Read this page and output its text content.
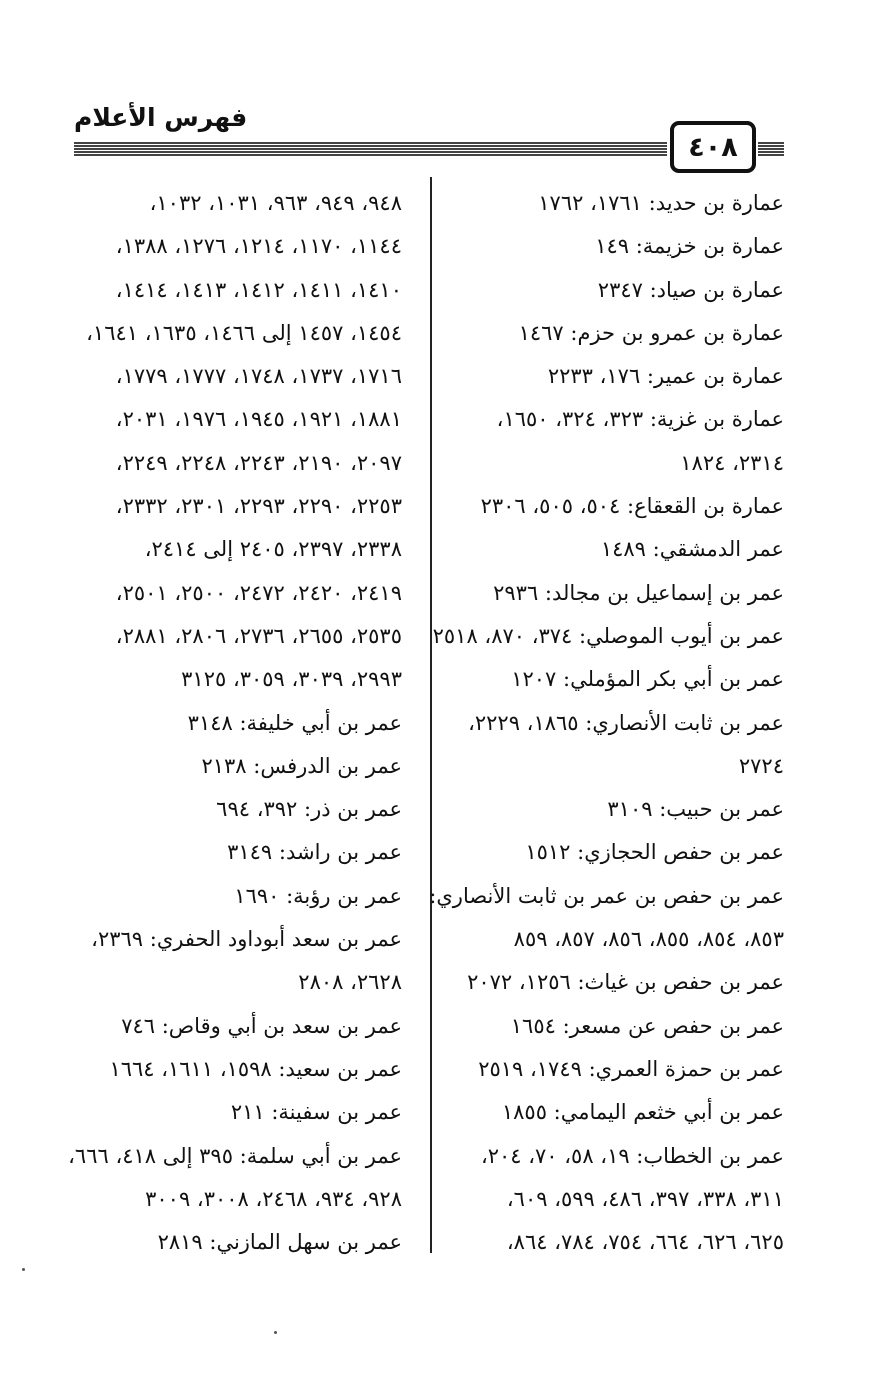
فهرس الأعلام
٤٠٨
عمارة بن حديد: ١٧٦١، ١٧٦٢
عمارة بن خزيمة: ١٤٩
عمارة بن صياد: ٢٣٤٧
عمارة بن عمرو بن حزم: ١٤٦٧
عمارة بن عمير: ١٧٦، ٢٢٣٣
عمارة بن غزية: ٣٢٣، ٣٢٤، ١٦٥٠،
٢٣١٤، ١٨٢٤
عمارة بن القعقاع: ٥٠٤، ٥٠٥، ٢٣٠٦
عمر الدمشقي: ١٤٨٩
عمر بن إسماعيل بن مجالد: ٢٩٣٦
عمر بن أيوب الموصلي: ٣٧٤، ٨٧٠، ٢٥١٨
عمر بن أبي بكر المؤملي: ١٢٠٧
عمر بن ثابت الأنصاري: ١٨٦٥، ٢٢٢٩،
٢٧٢٤
عمر بن حبيب: ٣١٠٩
عمر بن حفص الحجازي: ١٥١٢
عمر بن حفص بن عمر بن ثابت الأنصاري:
٨٥٣، ٨٥٤، ٨٥٥، ٨٥٦، ٨٥٧، ٨٥٩
عمر بن حفص بن غياث: ١٢٥٦، ٢٠٧٢
عمر بن حفص عن مسعر: ١٦٥٤
عمر بن حمزة العمري: ١٧٤٩، ٢٥١٩
عمر بن أبي خثعم اليمامي: ١٨٥٥
عمر بن الخطاب: ١٩، ٥٨، ٧٠، ٢٠٤،
٣١١، ٣٣٨، ٣٩٧، ٤٨٦، ٥٩٩، ٦٠٩،
٦٢٥، ٦٢٦، ٦٦٤، ٧٥٤، ٧٨٤، ٨٦٤،
٩٤٨، ٩٤٩، ٩٦٣، ١٠٣١، ١٠٣٢،
١١٤٤، ١١٧٠، ١٢١٤، ١٢٧٦، ١٣٨٨،
١٤١٠، ١٤١١، ١٤١٢، ١٤١٣، ١٤١٤،
١٤٥٤، ١٤٥٧ إلى ١٤٦٦، ١٦٣٥، ١٦٤١،
١٧١٦، ١٧٣٧، ١٧٤٨، ١٧٧٧، ١٧٧٩،
١٨٨١، ١٩٢١، ١٩٤٥، ١٩٧٦، ٢٠٣١،
٢٠٩٧، ٢١٩٠، ٢٢٤٣، ٢٢٤٨، ٢٢٤٩،
٢٢٥٣، ٢٢٩٠، ٢٢٩٣، ٢٣٠١، ٢٣٣٢،
٢٣٣٨، ٢٣٩٧، ٢٤٠٥ إلى ٢٤١٤،
٢٤١٩، ٢٤٢٠، ٢٤٧٢، ٢٥٠٠، ٢٥٠١،
٢٥٣٥، ٢٦٥٥، ٢٧٣٦، ٢٨٠٦، ٢٨٨١،
٢٩٩٣، ٣٠٣٩، ٣٠٥٩، ٣١٢٥
عمر بن أبي خليفة: ٣١٤٨
عمر بن الدرفس: ٢١٣٨
عمر بن ذر: ٣٩٢، ٦٩٤
عمر بن راشد: ٣١٤٩
عمر بن رؤبة: ١٦٩٠
عمر بن سعد أبوداود الحفري: ٢٣٦٩،
٢٦٢٨، ٢٨٠٨
عمر بن سعد بن أبي وقاص: ٧٤٦
عمر بن سعيد: ١٥٩٨، ١٦١١، ١٦٦٤
عمر بن سفينة: ٢١١
عمر بن أبي سلمة: ٣٩٥ إلى ٤١٨، ٦٦٦،
٩٢٨، ٩٣٤، ٢٤٦٨، ٣٠٠٨، ٣٠٠٩
عمر بن سهل المازني: ٢٨١٩
